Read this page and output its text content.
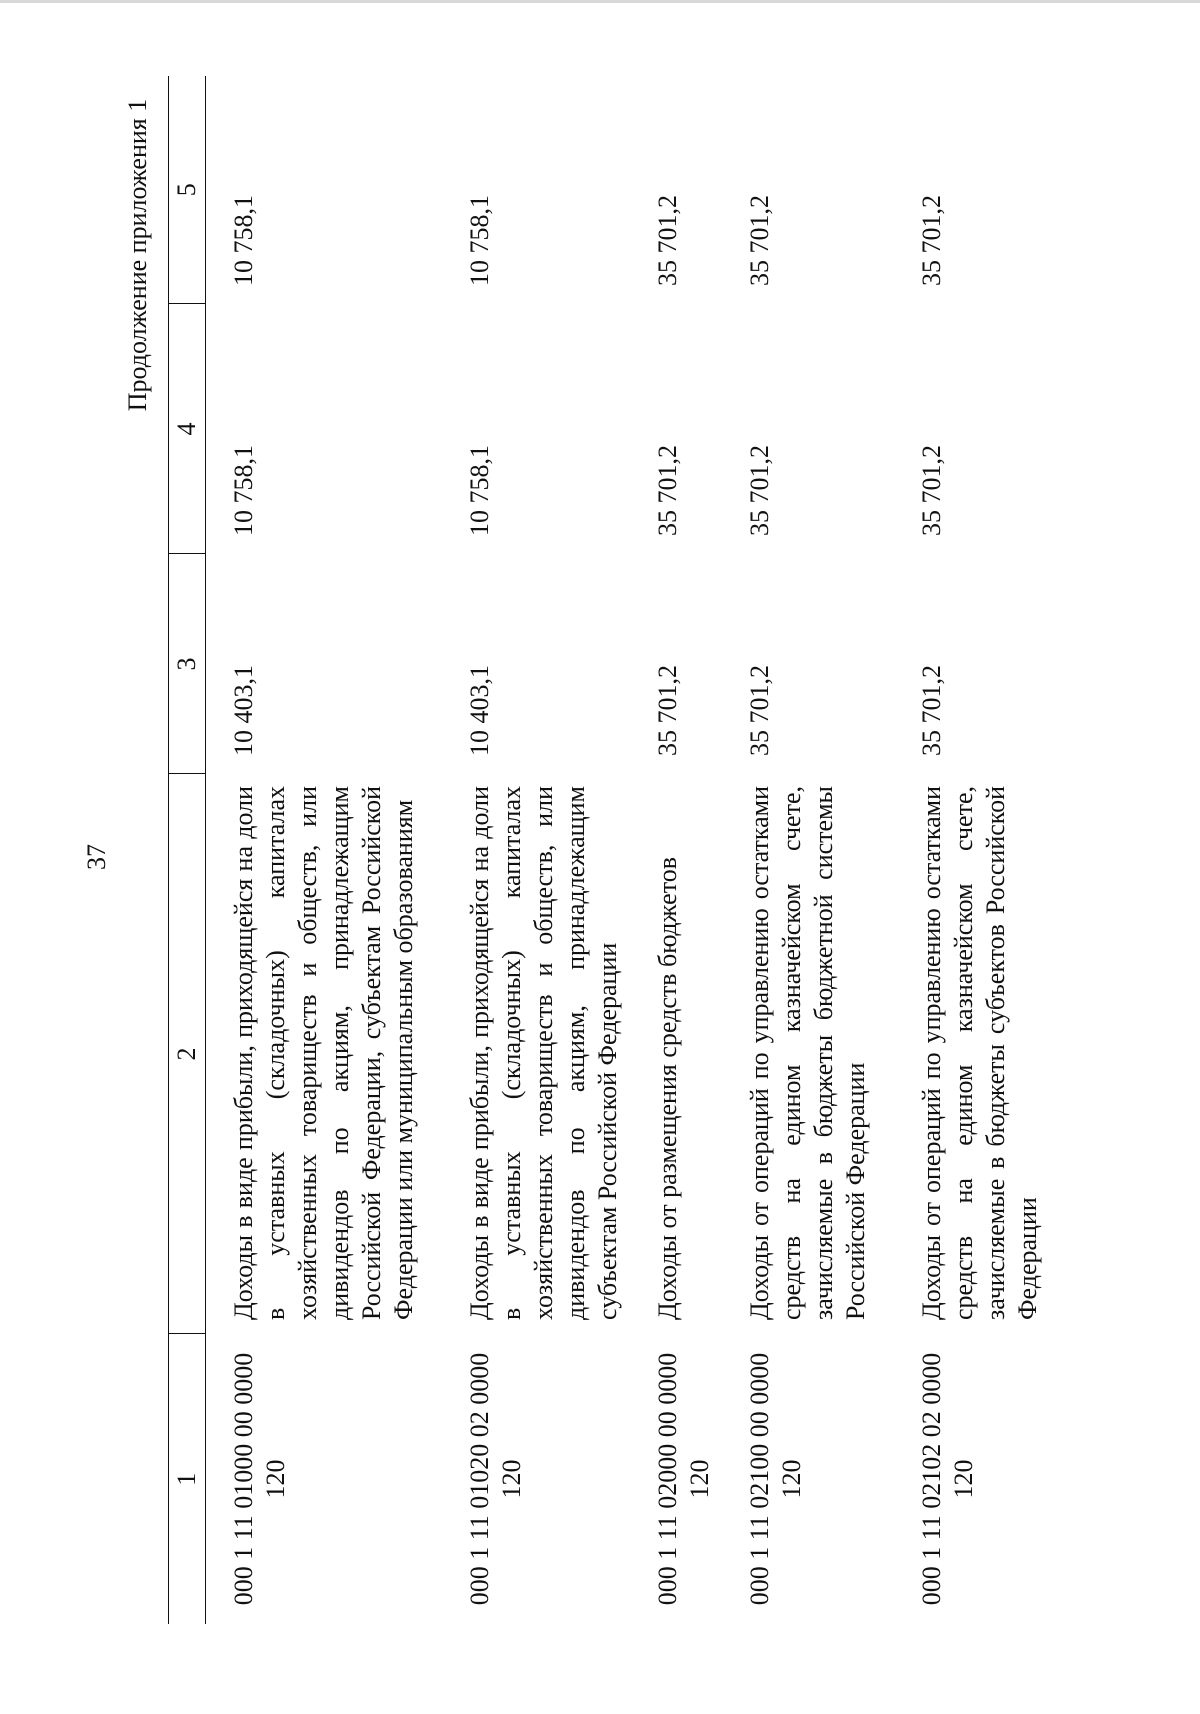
37
Продолжение приложения 1
1	2	3	4	5
000 1 11 01000 00 0000 120	Доходы в виде прибыли, приходящейся на доли в уставных (складочных) капиталах хозяйственных товариществ и обществ, или дивидендов по акциям, принадлежащим Российской Федерации, субъектам Российской Федерации или муниципальным образованиям	10 403,1	10 758,1	10 758,1
000 1 11 01020 02 0000 120	Доходы в виде прибыли, приходящейся на доли в уставных (складочных) капиталах хозяйственных товариществ и обществ, или дивидендов по акциям, принадлежащим субъектам Российской Федерации	10 403,1	10 758,1	10 758,1
000 1 11 02000 00 0000 120	Доходы от размещения средств бюджетов	35 701,2	35 701,2	35 701,2
000 1 11 02100 00 0000 120	Доходы от операций по управлению остатками средств на едином казначейском счете, зачисляемые в бюджеты бюджетной системы Российской Федерации	35 701,2	35 701,2	35 701,2
000 1 11 02102 02 0000 120	Доходы от операций по управлению остатками средств на едином казначейском счете, зачисляемые в бюджеты субъектов Российской Федерации	35 701,2	35 701,2	35 701,2
